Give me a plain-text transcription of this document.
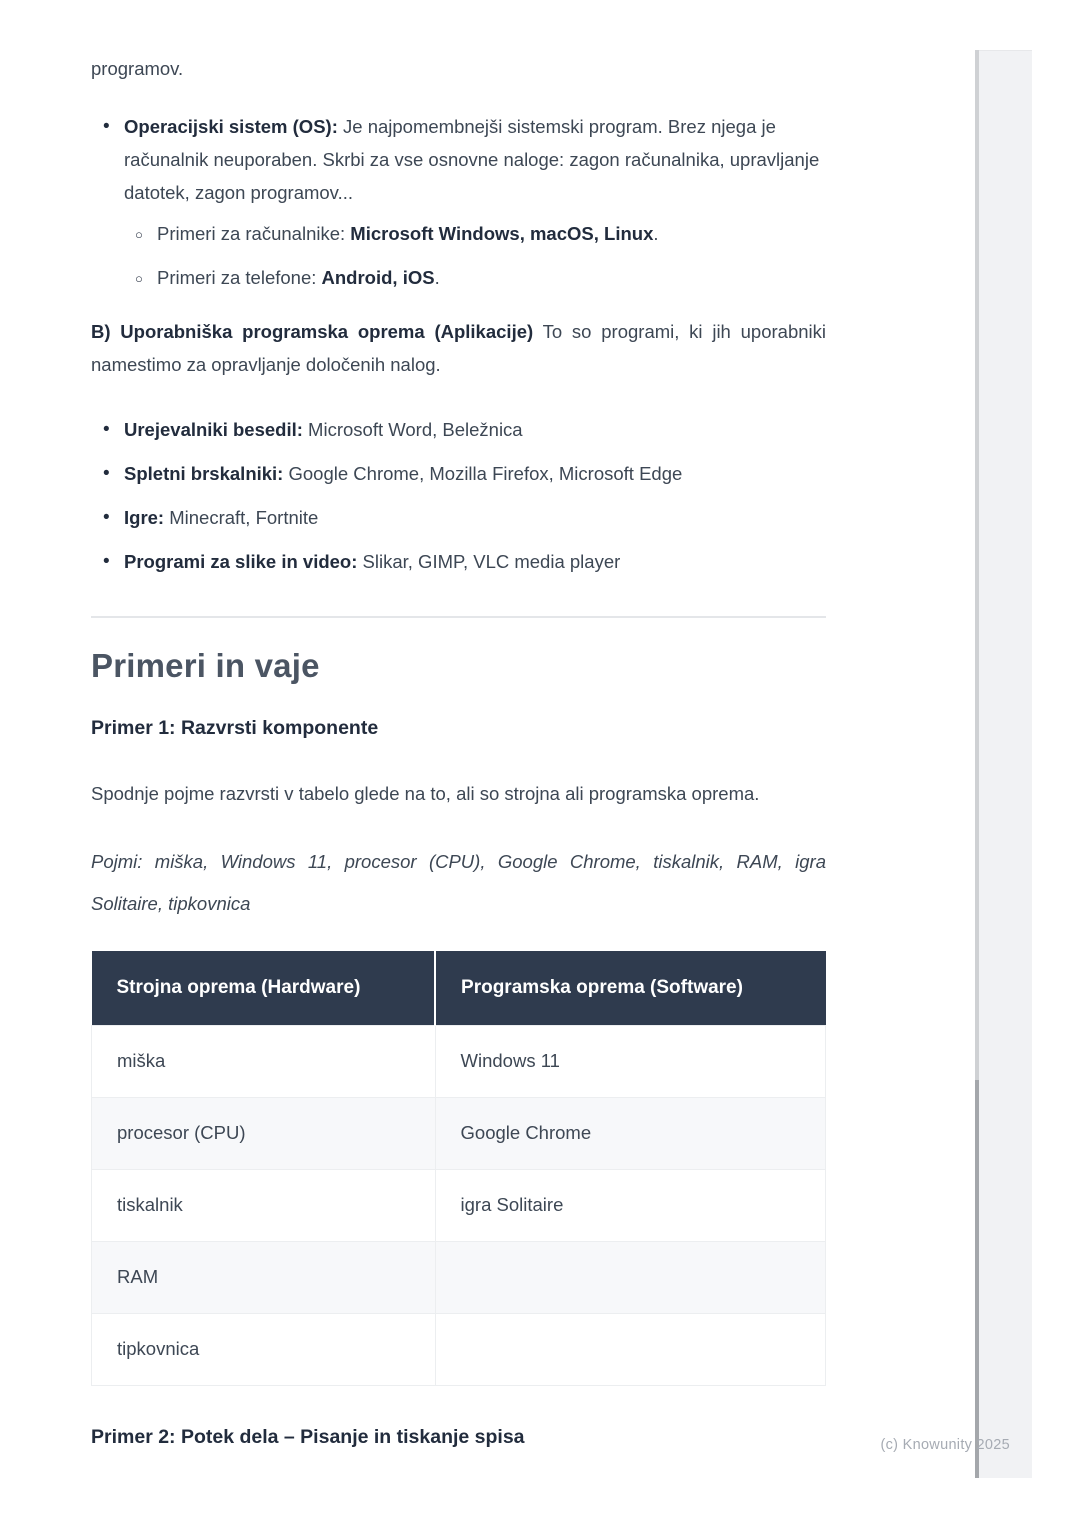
programov.

• Operacijski sistem (OS): Je najpomembnejši sistemski program. Brez njega je računalnik neuporaben. Skrbi za vse osnovne naloge: zagon računalnika, upravljanje datotek, zagon programov...
○ Primeri za računalnike: Microsoft Windows, macOS, Linux.
○ Primeri za telefone: Android, iOS.

B) Uporabniška programska oprema (Aplikacije) To so programi, ki jih uporabniki namestimo za opravljanje določenih nalog.

• Urejevalniki besedil: Microsoft Word, Beležnica
• Spletni brskalniki: Google Chrome, Mozilla Firefox, Microsoft Edge
• Igre: Minecraft, Fortnite
• Programi za slike in video: Slikar, GIMP, VLC media player
Primeri in vaje
Primer 1: Razvrsti komponente

Spodnje pojme razvrsti v tabelo glede na to, ali so strojna ali programska oprema.

Pojmi: miška, Windows 11, procesor (CPU), Google Chrome, tiskalnik, RAM, igra Solitaire, tipkovnica

Strojna oprema (Hardware)	Programska oprema (Software)
miška	Windows 11
procesor (CPU)	Google Chrome
tiskalnik	igra Solitaire
RAM	
tipkovnica	
Primer 2: Potek dela – Pisanje in tiskanje spisa	(c) Knowunity 2025
